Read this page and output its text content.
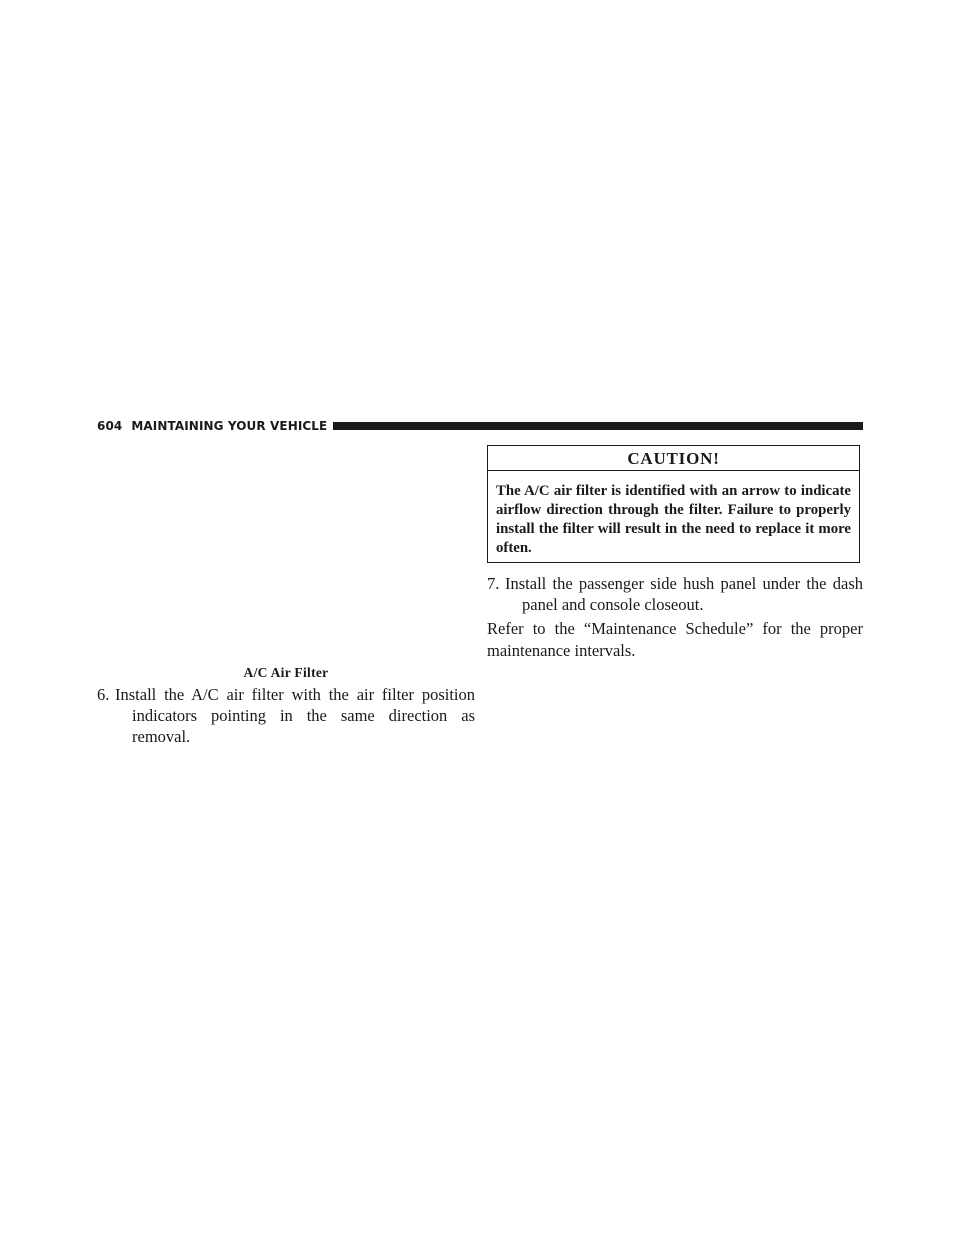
604 MAINTAINING YOUR VEHICLE
A/C Air Filter
6. Install the A/C air filter with the air filter position
indicators pointing in the same direction as removal.
CAUTION!
The A/C air filter is identified with an arrow to indicate airflow direction through the filter. Failure to properly install the filter will result in the need to replace it more often.
7. Install the passenger side hush panel under the dash
panel and console closeout.
Refer to the “Maintenance Schedule” for the proper
maintenance intervals.
